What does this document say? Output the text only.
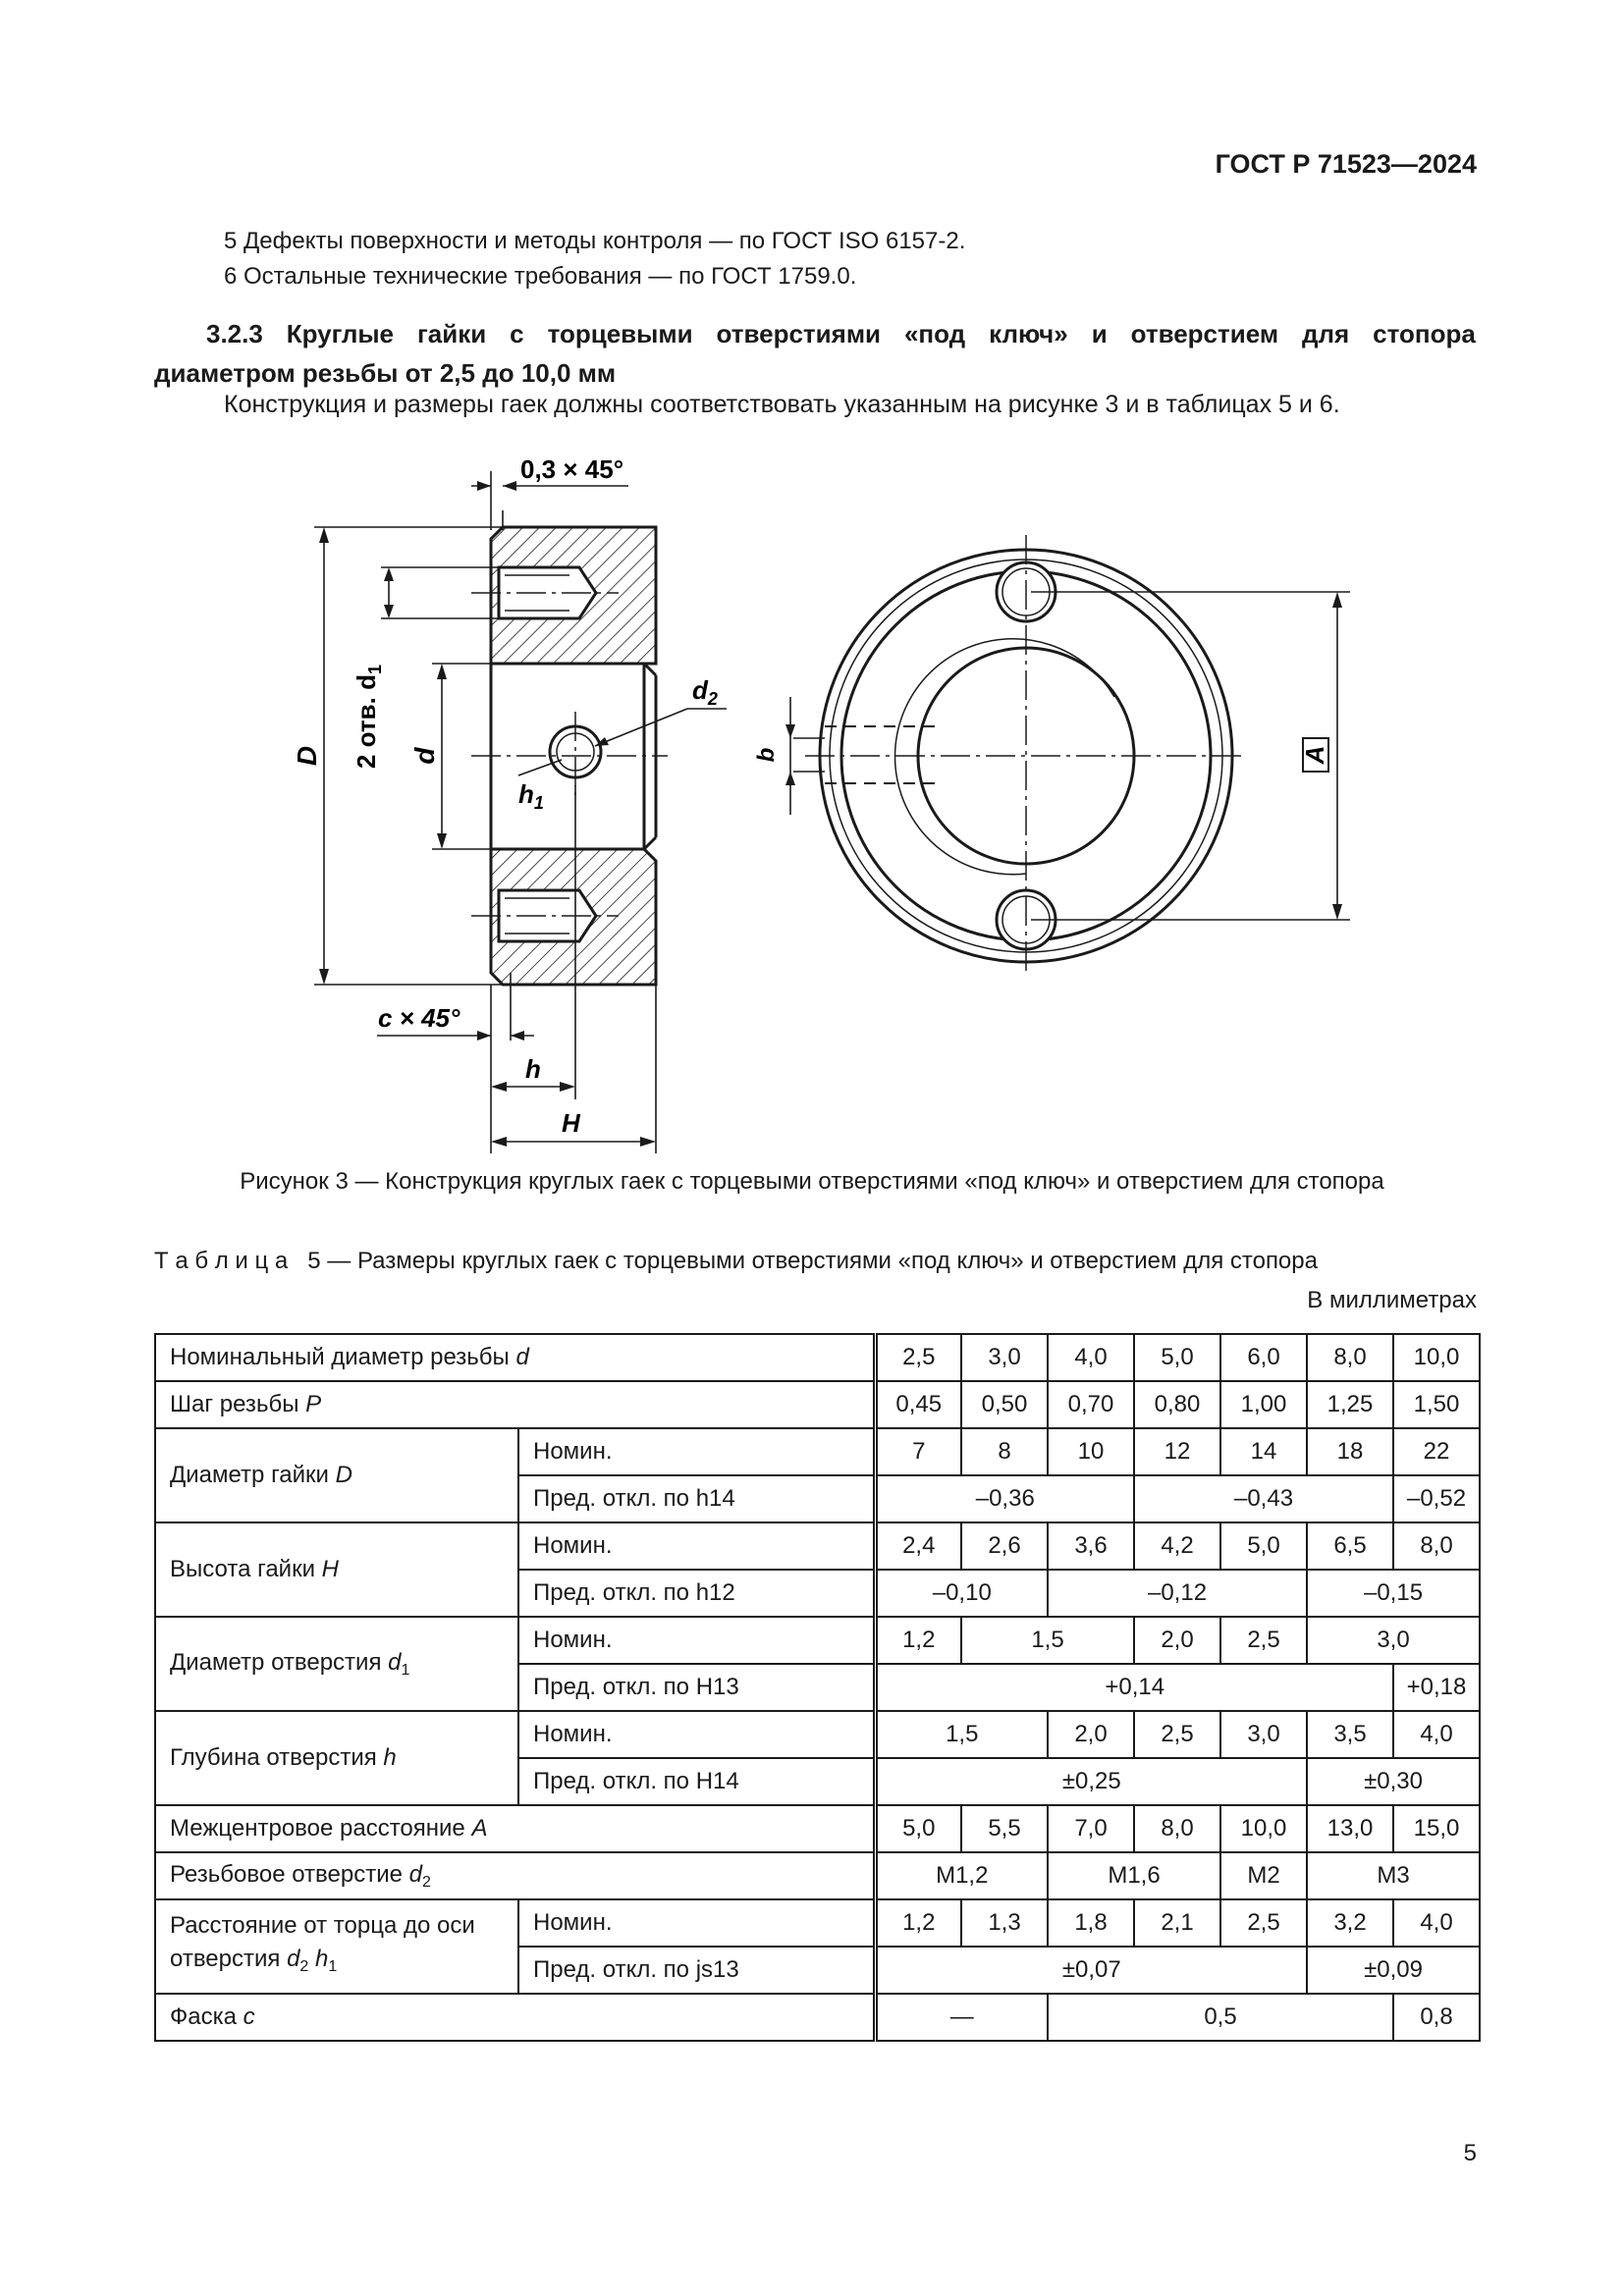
ГОСТ Р 71523—2024
5 Дефекты поверхности и методы контроля — по ГОСТ ISO 6157-2.
6 Остальные технические требования — по ГОСТ 1759.0.
3.2.3 Круглые гайки с торцевыми отверстиями «под ключ» и отверстием для стопора
диаметром резьбы от 2,5 до 10,0 мм
Конструкция и размеры гаек должны соответствовать указанным на рисунке 3 и в таблицах 5 и 6.
0,3 × 45°
D 2 отв. $d_1$
d
$d_2$
$h_1$
c × 45°
h
H
b	A
Рисунок 3 — Конструкция круглых гаек с торцевыми отверстиями «под ключ» и отверстием для стопора
Т а б л и ц а   5 — Размеры круглых гаек с торцевыми отверстиями «под ключ» и отверстием для стопора
В миллиметрах
Номинальный диаметр резьбы d		2,5	3,0	4,0	5,0	6,0	8,0	10,0
Шаг резьбы P		0,45	0,50	0,70	0,80	1,00	1,25	1,50
Диаметр гайки D	Номин.	7	8	10	12	14	18	22
	Пред. откл. по h14	–0,36			–0,43			–0,52
Высота гайки H	Номин.	2,4	2,6	3,6	4,2	5,0	6,5	8,0
	Пред. откл. по h12	–0,10		–0,12			–0,15	
Диаметр отверстия $d_1$	Номин.	1,2	1,5		2,0	2,5	3,0	
	Пред. откл. по H13	+0,14						+0,18
Глубина отверстия h	Номин.	1,5		2,0	2,5	3,0	3,5	4,0
	Пред. откл. по H14	±0,25					±0,30	
Межцентровое расстояние A		5,0	5,5	7,0	8,0	10,0	13,0	15,0
Резьбовое отверстие $d_2$		M1,2		M1,6		M2	M3	
Расстояние от торца до оси
отверстия $d_2$ $h_1$	Номин.	1,2	1,3	1,8	2,1	2,5	3,2	4,0
	Пред. откл. по js13	±0,07					±0,09	
Фаска c		—		0,5				0,8
5
